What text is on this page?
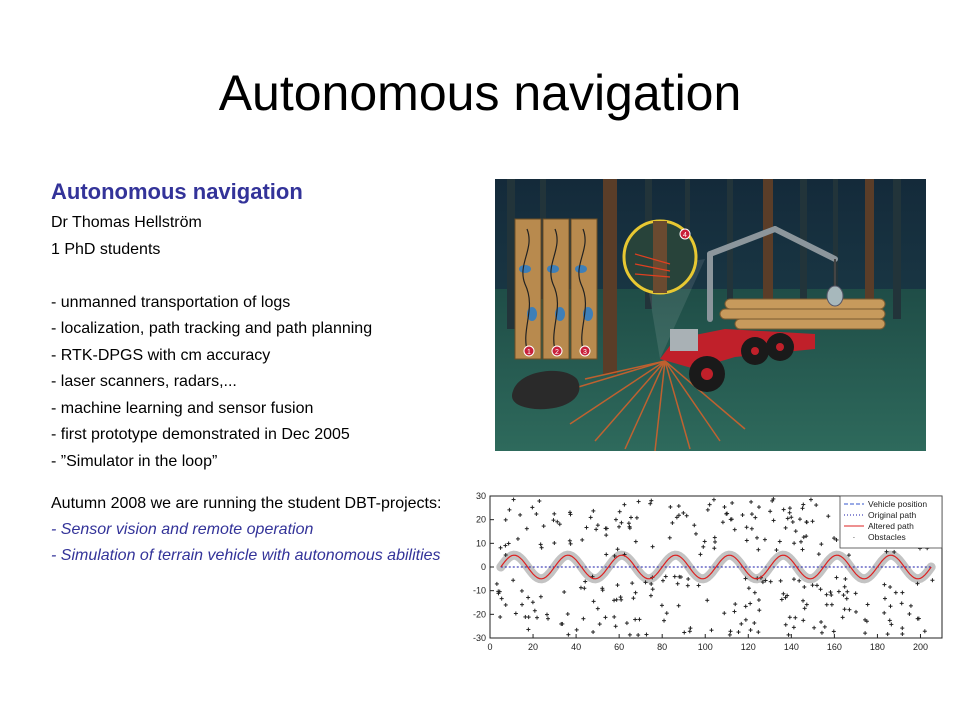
Autonomous navigation
Autonomous navigation
Dr Thomas Hellström
1 PhD students
- unmanned transportation of logs
- localization, path tracking and path planning
- RTK-DPGS with cm accuracy
- laser scanners, radars,...
- machine learning and sensor fusion
- first prototype demonstrated in Dec 2005
- ”Simulator in the loop”
Autumn 2008 we are running the student DBT-projects:
- Sensor vision and remote operation
- Simulation of terrain vehicle with autonomous abilities
1	2	3
4
30
20
10
0
-10
-20
-30
0	20	40	60	80	100	120	140	160	180	200
·
Vehicle position
Original path
Altered path
Obstacles
